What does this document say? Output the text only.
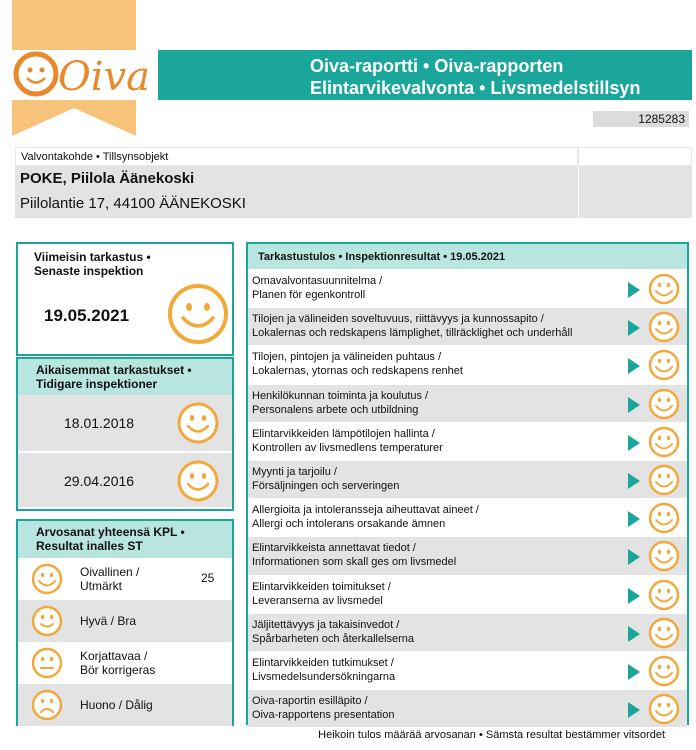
Oiva	Oiva-raportti • Oiva-rapporten
Elintarvikevalvonta • Livsmedelstillsyn
1285283
Valvontakohde • Tillsynsobjekt
POKE, Piilola Äänekoski
Piilolantie 17, 44100 ÄÄNEKOSKI
Viimeisin tarkastus •
Senaste inspektion
19.05.2021
Aikaisemmat tarkastukset •
Tidigare inspektioner
18.01.2018
29.04.2016
Arvosanat yhteensä KPL •
Resultat inalles ST
Oivallinen /
Utmärkt
25
Hyvä / Bra
Korjattavaa /
Bör korrigeras
Huono / Dålig
Tarkastustulos • Inspektionresultat • 19.05.2021
Omavalvontasuunnitelma /
Planen för egenkontroll
Tilojen ja välineiden soveltuvuus, riittävyys ja kunnossapito /
Lokalernas och redskapens lämplighet, tillräcklighet och underhåll
Tilojen, pintojen ja välineiden puhtaus /
Lokalernas, ytornas och redskapens renhet
Henkilökunnan toiminta ja koulutus /
Personalens arbete och utbildning
Elintarvikkeiden lämpötilojen hallinta /
Kontrollen av livsmedlens temperaturer
Myynti ja tarjoilu /
Försäljningen och serveringen
Allergioita ja intoleransseja aiheuttavat aineet /
Allergi och intolerans orsakande ämnen
Elintarvikkeista annettavat tiedot /
Informationen som skall ges om livsmedel
Elintarvikkeiden toimitukset /
Leveranserna av livsmedel
Jäljitettävyys ja takaisinvedot /
Spårbarheten och återkallelserna
Elintarvikkeiden tutkimukset /
Livsmedelsundersökningarna
Oiva-raportin esilläpito /
Oiva-rapportens presentation
Heikoin tulos määrää arvosanan • Sämsta resultat bestämmer vitsordet
